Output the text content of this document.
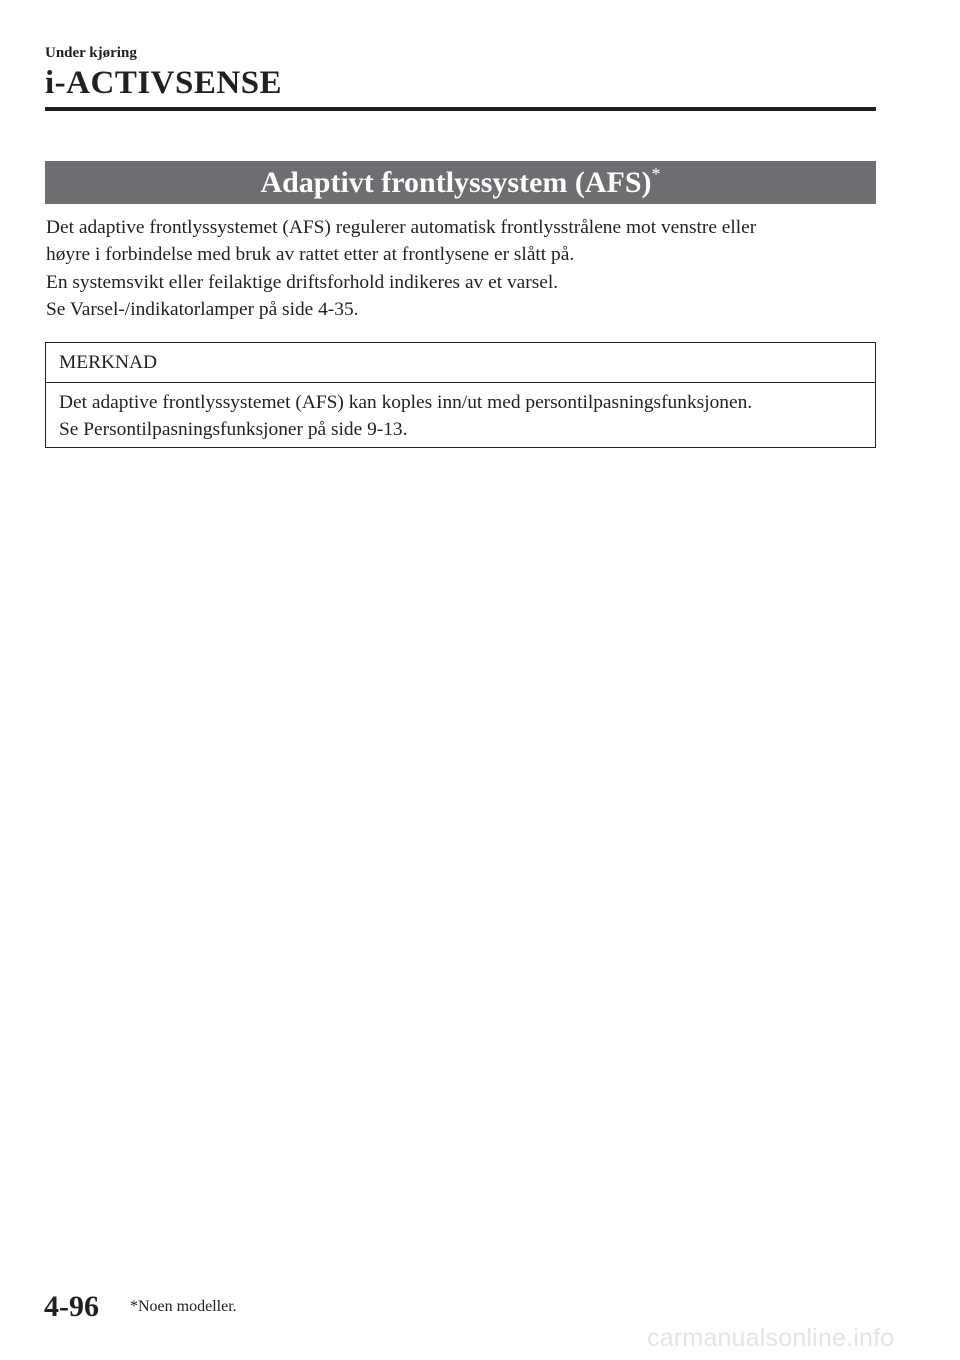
Under kjøring
i-ACTIVSENSE
Adaptivt frontlyssystem (AFS)*

Det adaptive frontlyssystemet (AFS) regulerer automatisk frontlysstrålene mot venstre eller

høyre i forbindelse med bruk av rattet etter at frontlysene er slått på.

En systemsvikt eller feilaktige driftsforhold indikeres av et varsel.

Se Varsel-/indikatorlamper på side 4-35.

MERKNAD

Det adaptive frontlyssystemet (AFS) kan koples inn/ut med persontilpasningsfunksjonen.

Se Persontilpasningsfunksjoner på side 9-13.

4-96 *Noen modeller.
carmanualsonline.info
